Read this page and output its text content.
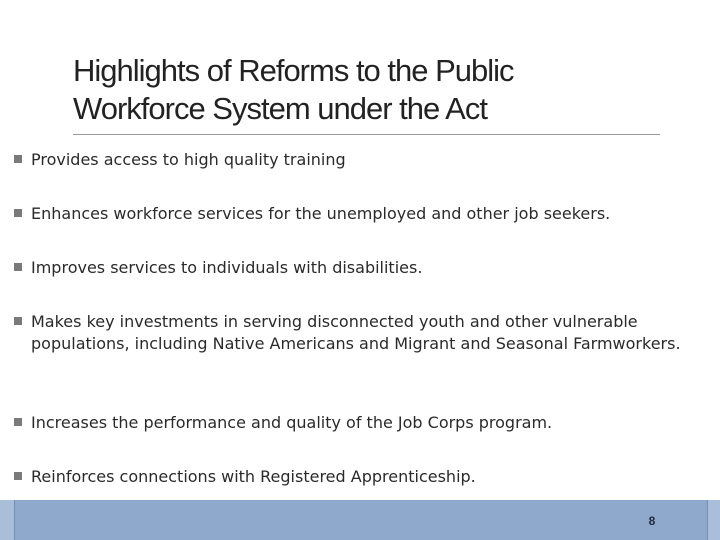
Highlights of Reforms to the Public
Workforce System under the Act
Provides access to high quality training
Enhances workforce services for the unemployed and other job seekers.
Improves services to individuals with disabilities.
Makes key investments in serving disconnected youth and other vulnerable populations, including Native Americans and Migrant and Seasonal Farmworkers.
Increases the performance and quality of the Job Corps program.
Reinforces connections with Registered Apprenticeship.
8
